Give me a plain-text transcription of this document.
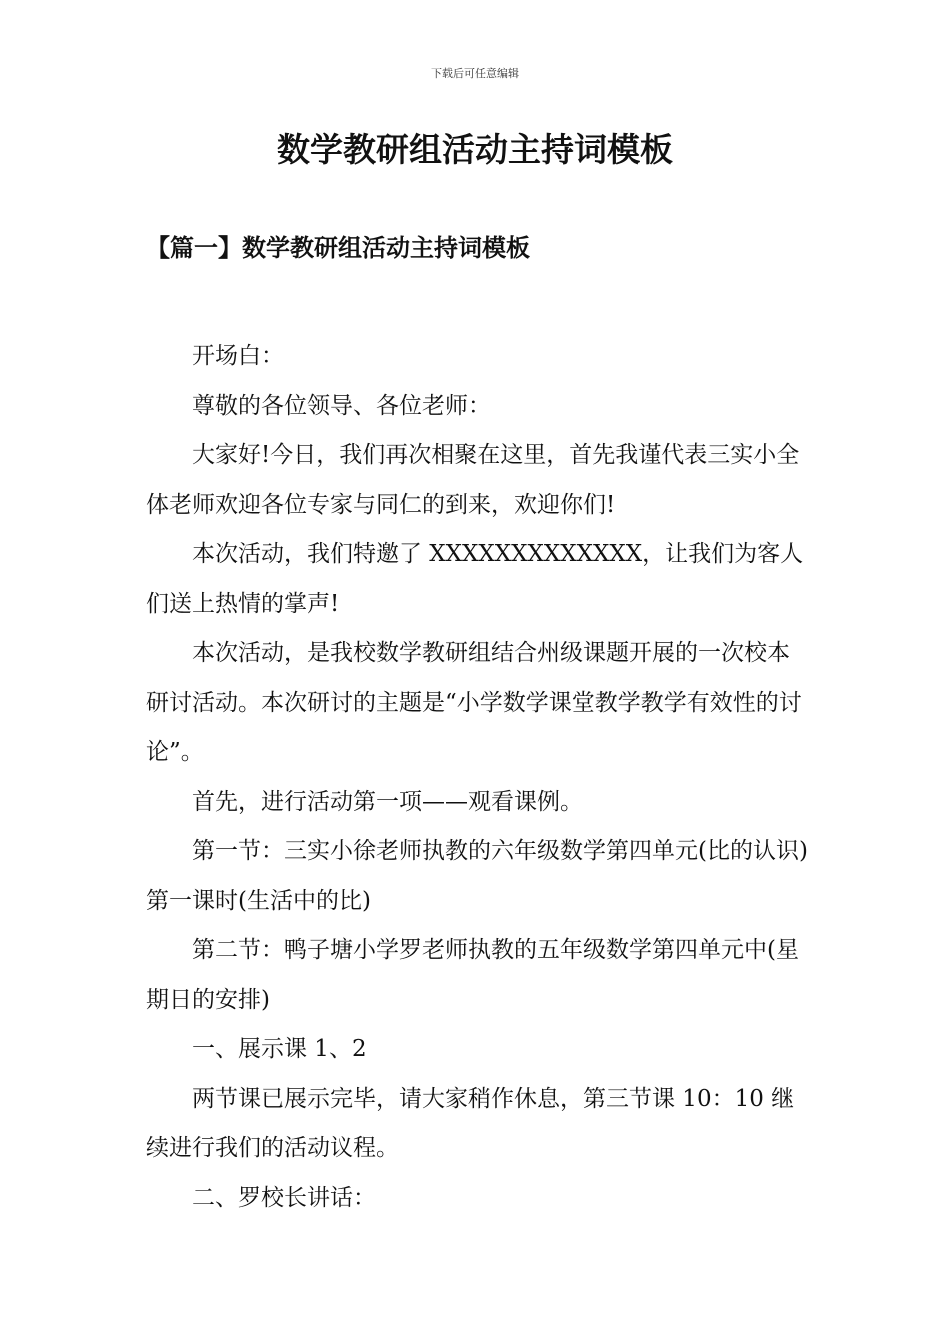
下载后可任意编辑
数学教研组活动主持词模板
【篇一】数学教研组活动主持词模板

开场白：

尊敬的各位领导、各位老师：

大家好!今日，我们再次相聚在这里，首先我谨代表三实小全体老师欢迎各位专家与同仁的到来，欢迎你们!

本次活动，我们特邀了 XXXXXXXXXXXXX，让我们为客人们送上热情的掌声!

本次活动，是我校数学教研组结合州级课题开展的一次校本研讨活动。本次研讨的主题是“小学数学课堂教学教学有效性的讨论”。

首先，进行活动第一项——观看课例。

第一节：三实小徐老师执教的六年级数学第四单元(比的认识)第一课时(生活中的比)

第二节：鸭子塘小学罗老师执教的五年级数学第四单元中(星期日的安排)

一、展示课 1、2

两节课已展示完毕，请大家稍作休息，第三节课 10：10 继续进行我们的活动议程。

二、罗校长讲话：
